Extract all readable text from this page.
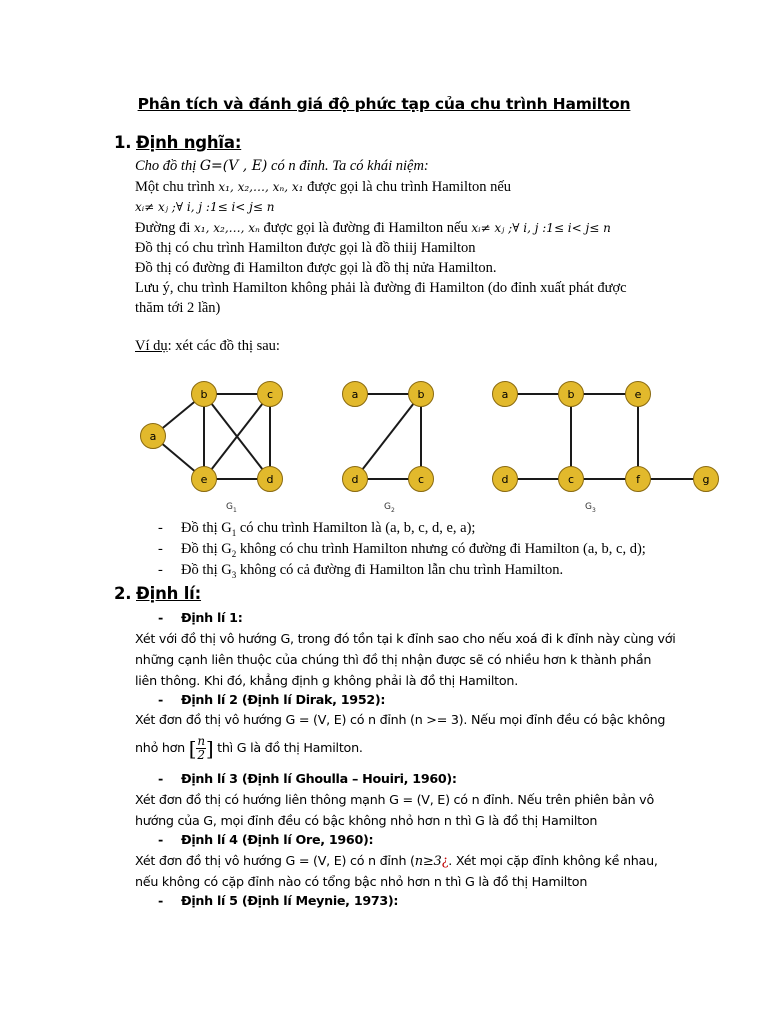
Phân tích và đánh giá độ phức tạp của chu trình Hamilton
1. Định nghĩa:
Cho đồ thị G=(V , E) có n đỉnh. Ta có khái niệm:
Một chu trình x₁, x₂,…, xₙ, x₁ được gọi là chu trình Hamilton nếu
xᵢ≠ xⱼ ;∀ i, j :1≤ i< j≤ n
Đường đi x₁, x₂,…, xₙ được gọi là đường đi Hamilton nếu xᵢ≠ xⱼ ;∀ i, j :1≤ i< j≤ n
Đồ thị có chu trình Hamilton được gọi là đồ thiij Hamilton
Đồ thị có đường đi Hamilton được gọi là đồ thị nửa Hamilton.
Lưu ý, chu trình Hamilton không phải là đường đi Hamilton (do đỉnh xuất phát được
thăm tới 2 lần)
Ví dụ: xét các đồ thị sau:
a
b	c
d
e
a	b
c
d
a	b	e
d	c	f	g
$G_1$	$G_2$	$G_3$
- Đồ thị $G_1$ có chu trình Hamilton là (a, b, c, d, e, a);
- Đồ thị $G_2$ không có chu trình Hamilton nhưng có đường đi Hamilton (a, b, c, d);
- Đồ thị $G_3$ không có cả đường đi Hamilton lẫn chu trình Hamilton.
2. Định lí:
- Định lí 1:
Xét với đồ thị vô hướng G, trong đó tồn tại k đỉnh sao cho nếu xoá đi k đỉnh này cùng với
những cạnh liên thuộc của chúng thì đồ thị nhận được sẽ có nhiều hơn k thành phần
liên thông. Khi đó, khẳng định g không phải là đồ thị Hamilton.
- Định lí 2 (Định lí Dirak, 1952):
Xét đơn đồ thị vô hướng G = (V, E) có n đỉnh (n >= 3). Nếu mọi đỉnh đều có bậc không
nhỏ hơn [ $\frac{n}{2}$ ] thì G là đồ thị Hamilton.
- Định lí 3 (Định lí Ghoulla – Houiri, 1960):
Xét đơn đồ thị có hướng liên thông mạnh G = (V, E) có n đỉnh. Nếu trên phiên bản vô
hướng của G, mọi đỉnh đều có bậc không nhỏ hơn n thì G là đồ thị Hamilton
- Định lí 4 (Định lí Ore, 1960):
Xét đơn đồ thị vô hướng G = (V, E) có n đỉnh (n≥3¿. Xét mọi cặp đỉnh không kề nhau,
nếu không có cặp đỉnh nào có tổng bậc nhỏ hơn n thì G là đồ thị Hamilton
- Định lí 5 (Định lí Meynie, 1973):
